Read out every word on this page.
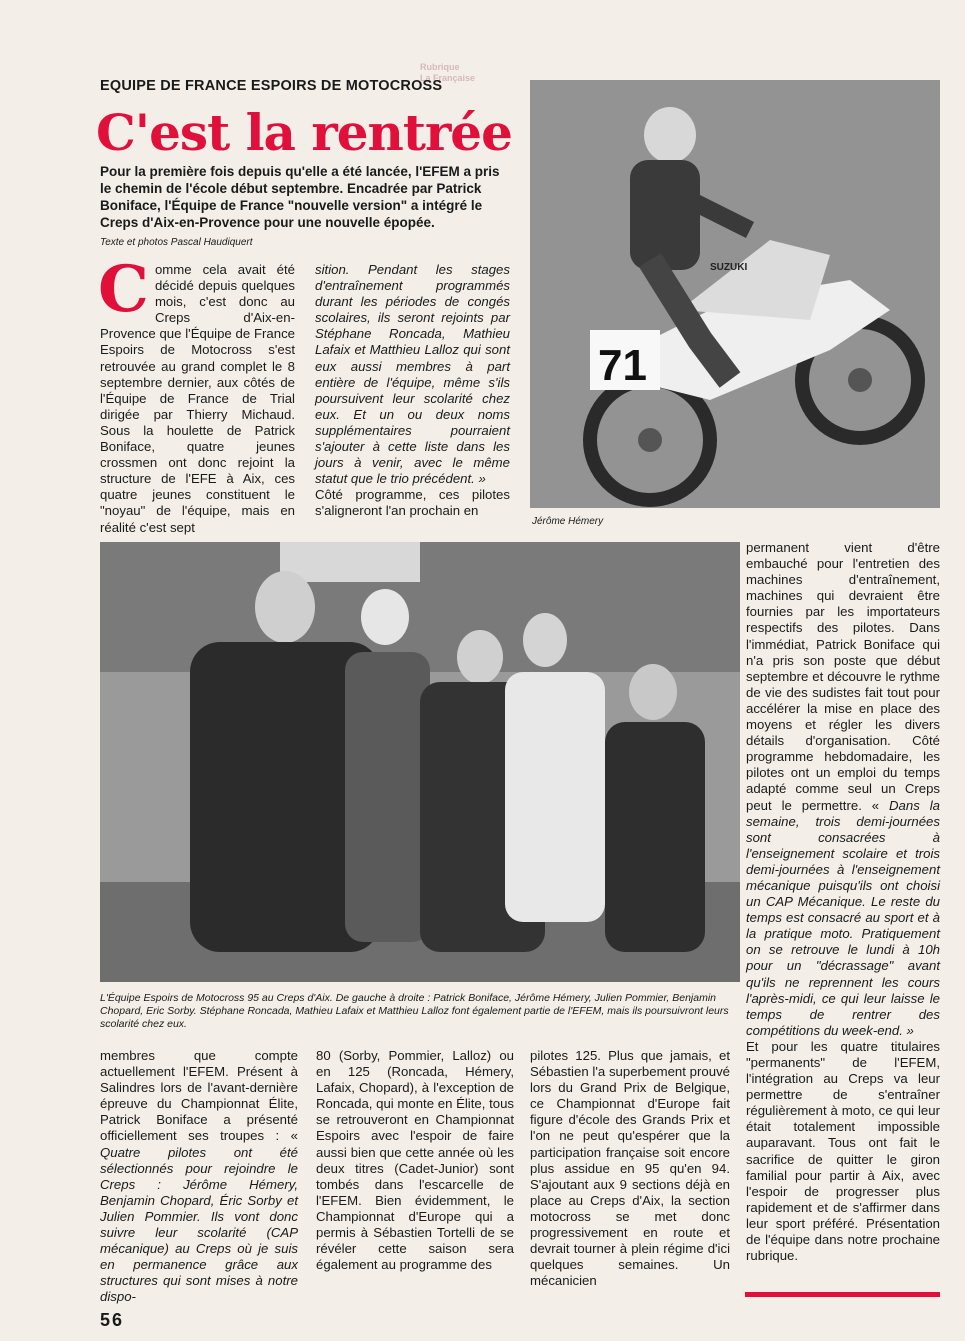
Rubrique
La Française
EQUIPE DE FRANCE ESPOIRS DE MOTOCROSS
C'est la rentrée
Pour la première fois depuis qu'elle a été lancée, l'EFEM a pris le chemin de l'école début septembre. Encadrée par Patrick Boniface, l'Équipe de France "nouvelle version" a intégré le Creps d'Aix-en-Provence pour une nouvelle épopée.
Texte et photos Pascal Haudiquert

Comme cela avait été décidé depuis quelques mois, c'est donc au Creps d'Aix-en-Provence que l'Équipe de France Espoirs de Motocross s'est retrouvée au grand complet le 8 septembre dernier, aux côtés de l'Équipe de France de Trial dirigée par Thierry Michaud. Sous la houlette de Patrick Boniface, quatre jeunes crossmen ont donc rejoint la structure de l'EFE à Aix, ces quatre jeunes constituent le "noyau" de l'équipe, mais en réalité c'est sept

sition. Pendant les stages d'entraînement programmés durant les périodes de congés scolaires, ils seront rejoints par Stéphane Roncada, Mathieu Lafaix et Matthieu Lalloz qui sont eux aussi membres à part entière de l'équipe, même s'ils poursuivent leur scolarité chez eux. Et un ou deux noms supplémentaires pourraient s'ajouter à cette liste dans les jours à venir, avec le même statut que le trio précédent. »
Côté programme, ces pilotes s'aligneront l'an prochain en

71
SUZUKI
Jérôme Hémery
L'Équipe Espoirs de Motocross 95 au Creps d'Aix. De gauche à droite : Patrick Boniface, Jérôme Hémery, Julien Pommier, Benjamin Chopard, Eric Sorby. Stéphane Roncada, Mathieu Lafaix et Matthieu Lalloz font également partie de l'EFEM, mais ils poursuivront leurs scolarité chez eux.

permanent vient d'être embauché pour l'entretien des machines d'entraînement, machines qui devraient être fournies par les importateurs respectifs des pilotes. Dans l'immédiat, Patrick Boniface qui n'a pris son poste que début septembre et découvre le rythme de vie des sudistes fait tout pour accélérer la mise en place des moyens et régler les divers détails d'organisation. Côté programme hebdomadaire, les pilotes ont un emploi du temps adapté comme seul un Creps peut le permettre. « Dans la semaine, trois demi-journées sont consacrées à l'enseignement scolaire et trois demi-journées à l'enseignement mécanique puisqu'ils ont choisi un CAP Mécanique. Le reste du temps est consacré au sport et à la pratique moto. Pratiquement on se retrouve le lundi à 10h pour un "décrassage" avant qu'ils ne reprennent les cours l'après-midi, ce qui leur laisse le temps de rentrer des compétitions du week-end. »
Et pour les quatre titulaires "permanents" de l'EFEM, l'intégration au Creps va leur permettre de s'entraîner régulièrement à moto, ce qui leur était totalement impossible auparavant. Tous ont fait le sacrifice de quitter le giron familial pour partir à Aix, avec l'espoir de progresser plus rapidement et de s'affirmer dans leur sport préféré. Présentation de l'équipe dans notre prochaine rubrique.

membres que compte actuellement l'EFEM. Présent à Salindres lors de l'avant-dernière épreuve du Championnat Élite, Patrick Boniface a présenté officiellement ses troupes : « Quatre pilotes ont été sélectionnés pour rejoindre le Creps : Jérôme Hémery, Benjamin Chopard, Éric Sorby et Julien Pommier. Ils vont donc suivre leur scolarité (CAP mécanique) au Creps où je suis en permanence grâce aux structures qui sont mises à notre dispo-

80 (Sorby, Pommier, Lalloz) ou en 125 (Roncada, Hémery, Lafaix, Chopard), à l'exception de Roncada, qui monte en Élite, tous se retrouveront en Championnat Espoirs avec l'espoir de faire aussi bien que cette année où les deux titres (Cadet-Junior) sont tombés dans l'escarcelle de l'EFEM. Bien évidemment, le Championnat d'Europe qui a permis à Sébastien Tortelli de se révéler cette saison sera également au programme des

pilotes 125. Plus que jamais, et Sébastien l'a superbement prouvé lors du Grand Prix de Belgique, ce Championnat d'Europe fait figure d'école des Grands Prix et l'on ne peut qu'espérer que la participation française soit encore plus assidue en 95 qu'en 94. S'ajoutant aux 9 sections déjà en place au Creps d'Aix, la section motocross se met donc progressivement en route et devrait tourner à plein régime d'ici quelques semaines. Un mécanicien

56
